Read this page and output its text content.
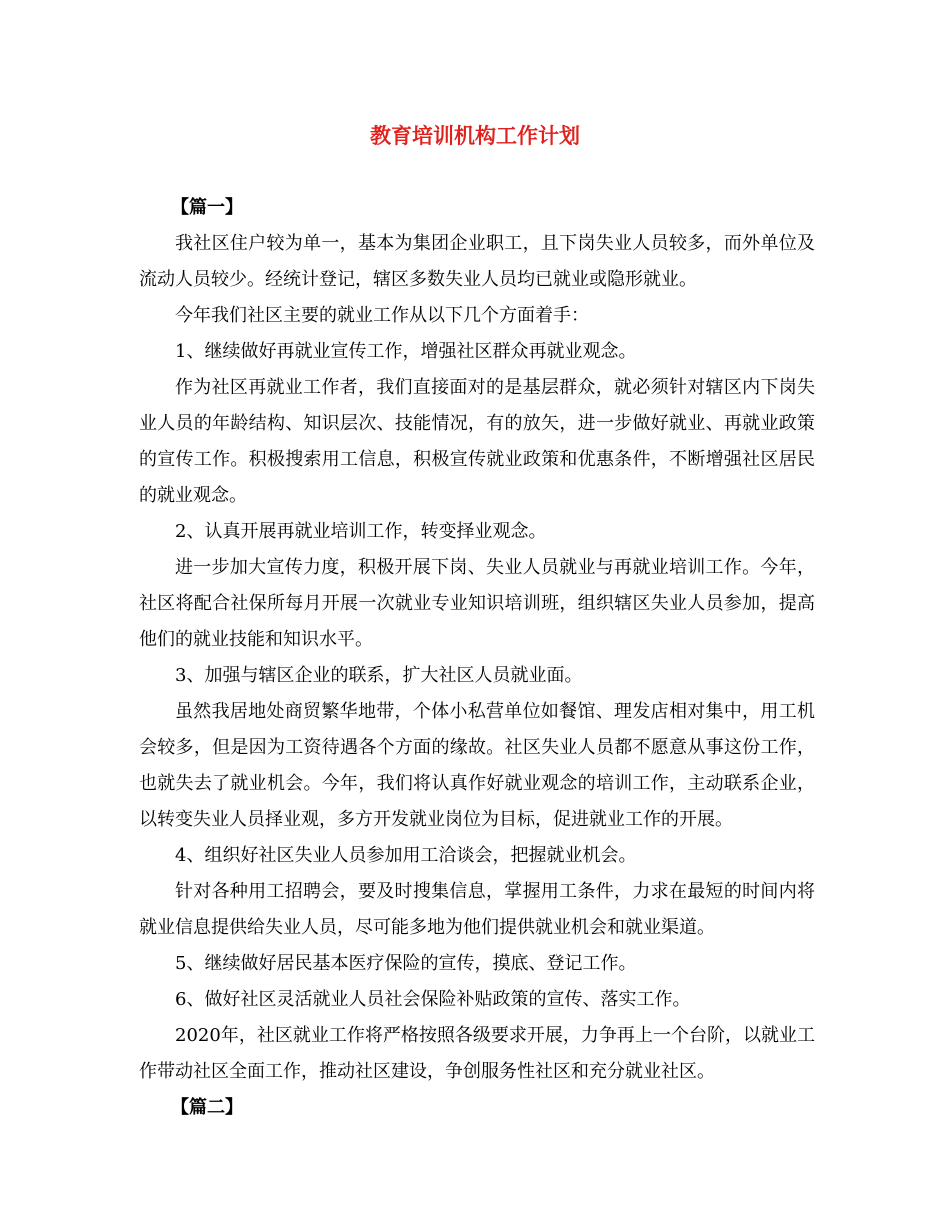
教育培训机构工作计划

【篇一】

我社区住户较为单一，基本为集团企业职工，且下岗失业人员较多，而外单位及流动人员较少。经统计登记，辖区多数失业人员均已就业或隐形就业。

今年我们社区主要的就业工作从以下几个方面着手：

1、继续做好再就业宣传工作，增强社区群众再就业观念。

作为社区再就业工作者，我们直接面对的是基层群众，就必须针对辖区内下岗失业人员的年龄结构、知识层次、技能情况，有的放矢，进一步做好就业、再就业政策的宣传工作。积极搜索用工信息，积极宣传就业政策和优惠条件，不断增强社区居民的就业观念。

2、认真开展再就业培训工作，转变择业观念。

进一步加大宣传力度，积极开展下岗、失业人员就业与再就业培训工作。今年，社区将配合社保所每月开展一次就业专业知识培训班，组织辖区失业人员参加，提高他们的就业技能和知识水平。

3、加强与辖区企业的联系，扩大社区人员就业面。

虽然我居地处商贸繁华地带，个体小私营单位如餐馆、理发店相对集中，用工机会较多，但是因为工资待遇各个方面的缘故。社区失业人员都不愿意从事这份工作，也就失去了就业机会。今年，我们将认真作好就业观念的培训工作，主动联系企业，以转变失业人员择业观，多方开发就业岗位为目标，促进就业工作的开展。

4、组织好社区失业人员参加用工洽谈会，把握就业机会。

针对各种用工招聘会，要及时搜集信息，掌握用工条件，力求在最短的时间内将就业信息提供给失业人员，尽可能多地为他们提供就业机会和就业渠道。

5、继续做好居民基本医疗保险的宣传，摸底、登记工作。

6、做好社区灵活就业人员社会保险补贴政策的宣传、落实工作。

2020年，社区就业工作将严格按照各级要求开展，力争再上一个台阶，以就业工作带动社区全面工作，推动社区建设，争创服务性社区和充分就业社区。

【篇二】
